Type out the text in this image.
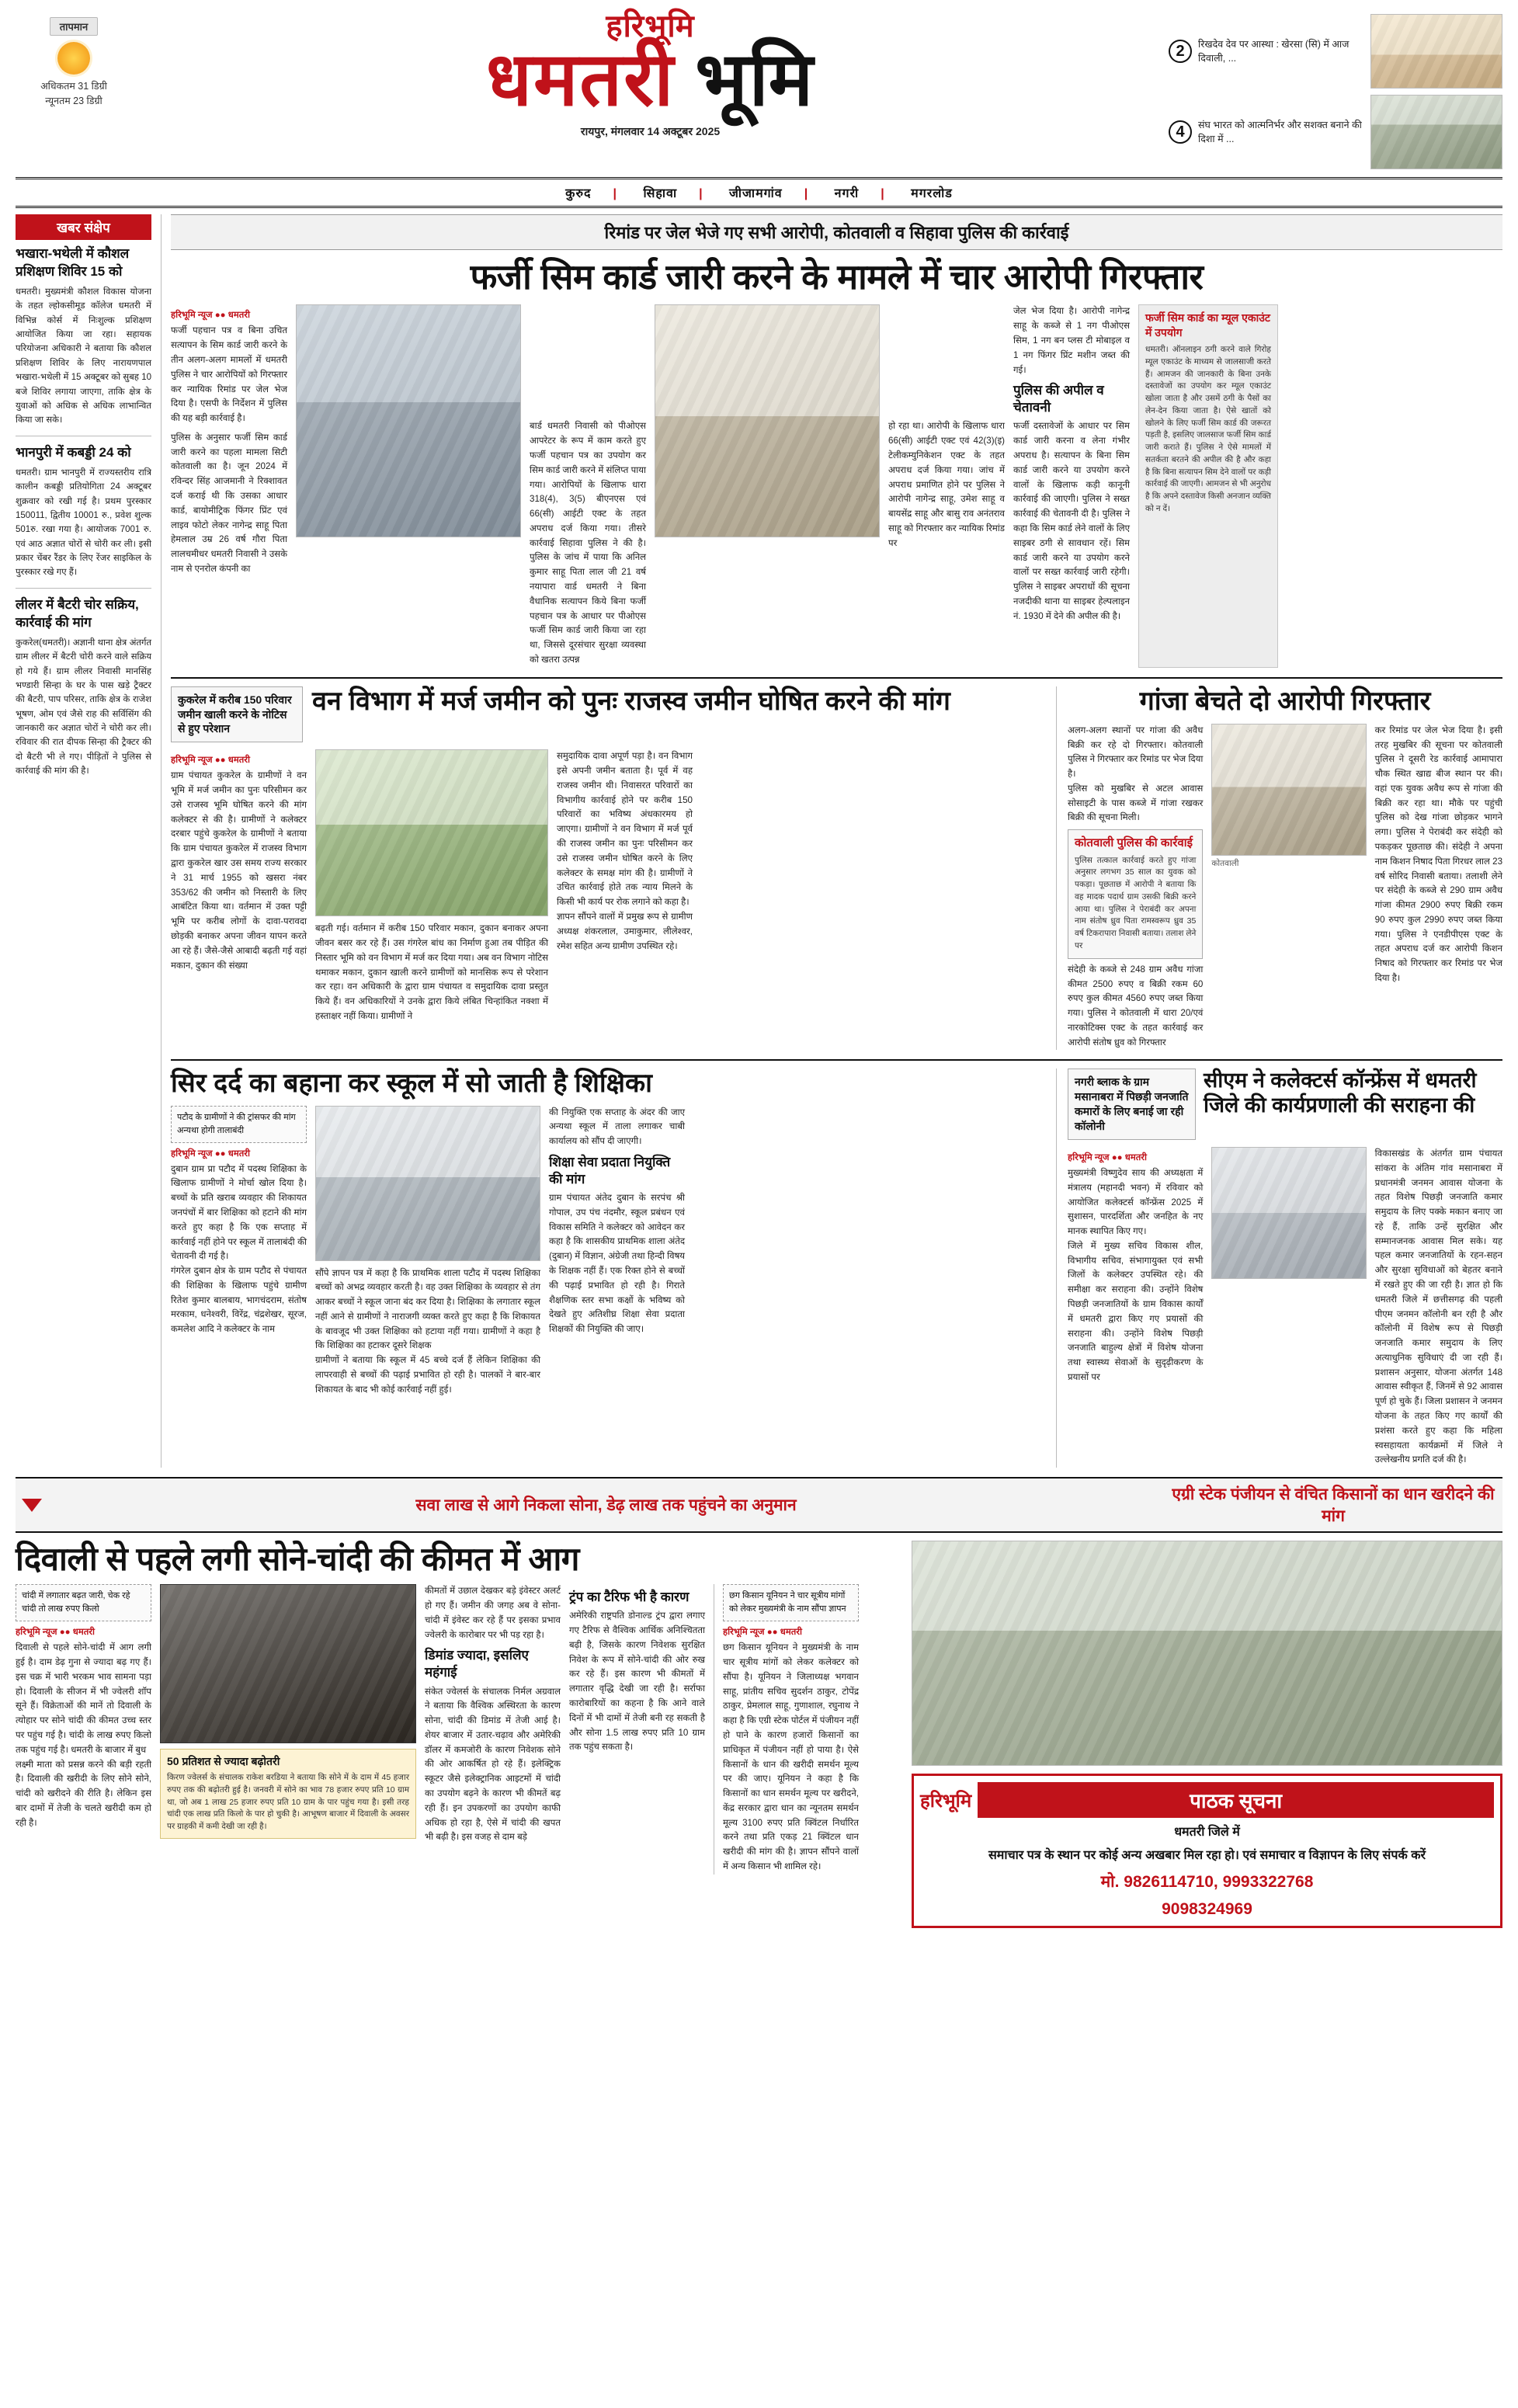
तापमान
अधिकतम 31 डिग्री
न्यूनतम 23 डिग्री
हरिभूमि
धमतरी भूमि
रायपुर, मंगलवार 14 अक्टूबर 2025
2	रिखदेव देव पर आस्था : खेरसा (सि) में आज दिवाली, ...
4	संघ भारत को आत्मनिर्भर और सशक्त बनाने की दिशा में ...
कुरुद | सिहावा | जीजामगांव | नगरी | मगरलोड
खबर संक्षेप
भखारा-भथेली में कौशल प्रशिक्षण शिविर 15 को
धमतरी। मुख्यमंत्री कौशल विकास योजना के तहत ल्होकसीमूड कॉलेज धमतरी में विभिन्न कोर्स में निःशुल्क प्रशिक्षण आयोजित किया जा रहा। सहायक परियोजना अधिकारी ने बताया कि कौशल प्रशिक्षण शिविर के लिए नारायणपाल भखारा-भथेली में 15 अक्टूबर को सुबह 10 बजे शिविर लगाया जाएगा, ताकि क्षेत्र के युवाओं को अधिक से अधिक लाभान्वित किया जा सके।
भानपुरी में कबड्डी 24 को
धमतरी। ग्राम भानपुरी में राज्यस्तरीय रात्रि कालीन कबड्डी प्रतियोगिता 24 अक्टूबर शुक्रवार को रखी गई है। प्रथम पुरस्कार 150011, द्वितीय 10001 रु., प्रवेश शुल्क 501रु. रखा गया है। आयोजक 7001 रु. एवं आठ अज्ञात चोरों से चोरी कर ली। इसी प्रकार चेंबर रैंडर के लिए रेंजर साइकिल के पुरस्कार रखे गए हैं।
लीलर में बैटरी चोर सक्रिय, कार्रवाई की मांग
कुकरेल(धमतरी)। अज्ञानी थाना क्षेत्र अंतर्गत ग्राम लीलर में बैटरी चोरी करने वाले सक्रिय हो गये हैं। ग्राम लीलर निवासी मानसिंह भण्डारी सिन्हा के घर के पास खड़े ट्रैक्टर की बैटरी, पाप परिसर, ताकि क्षेत्र के राजेश भूषण, ओम एवं जैसे राह की सर्विसिंग की जानकारी कर अज्ञात चोरों ने चोरी कर ली। रविवार की रात दीपक सिन्हा की ट्रैक्टर की दो बैटरी भी ले गए। पीड़ितों ने पुलिस से कार्रवाई की मांग की है।
रिमांड पर जेल भेजे गए सभी आरोपी, कोतवाली व सिहावा पुलिस की कार्रवाई
फर्जी सिम कार्ड जारी करने के मामले में चार आरोपी गिरफ्तार
हरिभूमि न्यूज ●● धमतरी
फर्जी पहचान पत्र व बिना उचित सत्यापन के सिम कार्ड जारी करने के तीन अलग-अलग मामलों में धमतरी पुलिस ने चार आरोपियों को गिरफ्तार कर न्यायिक रिमांड पर जेल भेज दिया है। एसपी के निर्देशन में पुलिस की यह बड़ी कार्रवाई है।
पुलिस के अनुसार फर्जी सिम कार्ड जारी करने का पहला मामला सिटी कोतवाली का है। जून 2024 में रविन्दर सिंह आजमानी ने रिक्शावत दर्ज कराई थी कि उसका आधार कार्ड, बायोमीट्रिक फिंगर प्रिंट एवं लाइव फोटो लेकर नागेन्द्र साहू पिता हेमलाल उम्र 26 वर्ष गौरा पिता लालचमीधर धमतरी निवासी ने उसके नाम से एनरोल कंपनी का
बार्ड धमतरी निवासी को पीओएस आपरेटर के रूप में काम करते हुए फर्जी पहचान पत्र का उपयोग कर सिम कार्ड जारी करने में संलिप्त पाया गया। आरोपियों के खिलाफ धारा 318(4), 3(5) बीएनएस एवं 66(सी) आईटी एक्ट के तहत अपराध दर्ज किया गया। तीसरे कार्रवाई सिहावा पुलिस ने की है। पुलिस के जांच में पाया कि अनिल कुमार साहू पिता लाल जी 21 वर्ष नयापारा वार्ड धमतरी ने बिना वैधानिक सत्यापन किये बिना फर्जी पहचान पत्र के आधार पर पीओएस फर्जी सिम कार्ड जारी किया जा रहा था, जिससे दूरसंचार सुरक्षा व्यवस्था को खतरा उत्पन्न
हो रहा था। आरोपी के खिलाफ धारा 66(सी) आईटी एक्ट एवं 42(3)(इ) टेलीकम्युनिकेशन एक्ट के तहत अपराध दर्ज किया गया। जांच में अपराध प्रमाणित होने पर पुलिस ने आरोपी नागेन्द्र साहू, उमेश साहू व बायसेंद्र साहू और बासु राव अनंतराव साहू को गिरफ्तार कर न्यायिक रिमांड पर
जेल भेज दिया है। आरोपी नागेन्द्र साहू के कब्जे से 1 नग पीओएस सिम, 1 नग बन प्लस टी मोबाइल व 1 नग फिंगर प्रिंट मशीन जब्त की गई।
पुलिस की अपील व चेतावनी
फर्जी दस्तावेजों के आधार पर सिम कार्ड जारी करना व लेना गंभीर अपराध है। सत्यापन के बिना सिम कार्ड जारी करने या उपयोग करने वालों के खिलाफ कड़ी कानूनी कार्रवाई की जाएगी। पुलिस ने सख्त कार्रवाई की चेतावनी दी है। पुलिस ने कहा कि सिम कार्ड लेने वालों के लिए साइबर ठगी से सावधान रहें। सिम कार्ड जारी करने या उपयोग करने वालों पर सख्त कार्रवाई जारी रहेगी। पुलिस ने साइबर अपराधों की सूचना नजदीकी थाना या साइबर हेल्पलाइन नं. 1930 में देने की अपील की है।
फर्जी सिम कार्ड का म्यूल एकाउंट में उपयोग
धमतरी। ऑनलाइन ठगी करने वाले गिरोह म्यूल एकाउंट के माध्यम से जालसाजी करते हैं। आमजन की जानकारी के बिना उनके दस्तावेजों का उपयोग कर म्यूल एकाउंट खोला जाता है और उसमें ठगी के पैसों का लेन-देन किया जाता है। ऐसे खातों को खोलने के लिए फर्जी सिम कार्ड की जरूरत पड़ती है, इसलिए जालसाज फर्जी सिम कार्ड जारी कराते हैं। पुलिस ने ऐसे मामलों में सतर्कता बरतने की अपील की है और कहा है कि बिना सत्यापन सिम देने वालों पर कड़ी कार्रवाई की जाएगी। आमजन से भी अनुरोध है कि अपने दस्तावेज किसी अनजान व्यक्ति को न दें।
कुकरेल में करीब 150 परिवार जमीन खाली करने के नोटिस से हुए परेशान
वन विभाग में मर्ज जमीन को पुनः राजस्व जमीन घोषित करने की मांग
हरिभूमि न्यूज ●● धमतरी
ग्राम पंचायत कुकरेल के ग्रामीणों ने वन भूमि में मर्ज जमीन का पुनः परिसीमन कर उसे राजस्व भूमि घोषित करने की मांग कलेक्टर से की है। ग्रामीणों ने कलेक्टर दरबार पहुंचे कुकरेल के ग्रामीणों ने बताया कि ग्राम पंचायत कुकरेल में राजस्व विभाग द्वारा कुकरेल खार उस समय राज्य सरकार ने 31 मार्च 1955 को खसरा नंबर 353/62 की जमीन को निस्तारी के लिए आबंटित किया था। वर्तमान में उक्त पट्टी भूमि पर करीब लोगों के दावा-परावदा छोड़की बनाकर अपना जीवन यापन करते आ रहे हैं। जैसे-जैसे आबादी बढ़ती गई वहां मकान, दुकान की संख्या
बढ़ती गई। वर्तमान में करीब 150 परिवार मकान, दुकान बनाकर अपना जीवन बसर कर रहे हैं। उस गंगरेल बांध का निर्माण हुआ तब पीड़ित की निस्तार भूमि को वन विभाग में मर्ज कर दिया गया। अब वन विभाग नोटिस थमाकर मकान, दुकान खाली करने ग्रामीणों को मानसिक रूप से परेशान कर रहा। वन अधिकारी के द्वारा ग्राम पंचायत व समुदायिक दावा प्रस्तुत किये हैं। वन अधिकारियों ने उनके द्वारा किये लंबित चिन्हांकित नक्शा में हस्ताक्षर नहीं किया। ग्रामीणों ने
समुदायिक दावा अपूर्ण पड़ा है। वन विभाग इसे अपनी जमीन बताता है। पूर्व में वह राजस्व जमीन थी। निवासरत परिवारों का विभागीय कार्रवाई होने पर करीब 150 परिवारों का भविष्य अंधकारमय हो जाएगा। ग्रामीणों ने वन विभाग में मर्ज पूर्व की राजस्व जमीन का पुनः परिसीमन कर उसे राजस्व जमीन घोषित करने के लिए कलेक्टर के समक्ष मांग की है। ग्रामीणों ने उचित कार्रवाई होते तक न्याय मिलने के किसी भी कार्य पर रोक लगाने को कहा है।
ज्ञापन सौंपने वालों में प्रमुख रूप से ग्रामीण अध्यक्ष शंकरलाल, उमाकुमार, लीलेश्वर, रमेश सहित अन्य ग्रामीण उपस्थित रहे।
गांजा बेचते दो आरोपी गिरफ्तार
अलग-अलग स्थानों पर गांजा की अवैध बिक्री कर रहे दो गिरफ्तार। कोतवाली पुलिस ने गिरफ्तार कर रिमांड पर भेज दिया है।
पुलिस को मुखबिर से अटल आवास सोसाइटी के पास कब्जे में गांजा रखकर बिक्री की सूचना मिली।
कोतवाली पुलिस की कार्रवाई
पुलिस तत्काल कार्रवाई करते हुए गांजा अनुसार लगभग 35 साल का युवक को पकड़ा। पूछताछ में आरोपी ने बताया कि वह मादक पदार्थ ग्राम उसकी बिक्री करने आया था। पुलिस ने पेराबंदी कर अपना नाम संतोष ध्रुव पिता रामस्वरूप ध्रुव 35 वर्ष टिकरापारा निवासी बताया। तलाश लेने पर
संदेही के कब्जे से 248 ग्राम अवैध गांजा कीमत 2500 रुपए व बिक्री रकम 60 रुपए कुल कीमत 4560 रुपए जब्त किया गया। पुलिस ने कोतवाली में धारा 20/एवं नारकोटिक्स एक्ट के तहत कार्रवाई कर आरोपी संतोष ध्रुव को गिरफ्तार
कोतवाली
कर रिमांड पर जेल भेज दिया है। इसी तरह मुखबिर की सूचना पर कोतवाली पुलिस ने दूसरी रेड कार्रवाई आमापारा चौक स्थित खाद्य बीज स्थान पर की। वहां एक युवक अवैध रूप से गांजा की बिक्री कर रहा था। मौके पर पहुंची पुलिस को देख गांजा छोड़कर भागने लगा। पुलिस ने पेराबंदी कर संदेही को पकड़कर पूछताछ की। संदेही ने अपना नाम किशन निषाद पिता गिरधर लाल 23 वर्ष सोरिद निवासी बताया। तलाशी लेने पर संदेही के कब्जे से 290 ग्राम अवैध गांजा कीमत 2900 रुपए बिक्री रकम 90 रुपए कुल 2990 रुपए जब्त किया गया। पुलिस ने एनडीपीएस एक्ट के तहत अपराध दर्ज कर आरोपी किशन निषाद को गिरफ्तार कर रिमांड पर भेज दिया है।
सिर दर्द का बहाना कर स्कूल में सो जाती है शिक्षिका
पटौद के ग्रामीणों ने की ट्रांसफर की मांग अन्यथा होगी तालाबंदी
हरिभूमि न्यूज ●● धमतरी
दुबान ग्राम प्रा पटौद में पदस्थ शिक्षिका के खिलाफ ग्रामीणों ने मोर्चा खोल दिया है। बच्चों के प्रति खराब व्यवहार की शिकायत जनपंचों में बार शिक्षिका को हटाने की मांग करते हुए कहा है कि एक सप्ताह में कार्रवाई नहीं होने पर स्कूल में तालाबंदी की चेतावनी दी गई है।
गंगरेल दुबान क्षेत्र के ग्राम पटौद से पंचायत की शिक्षिका के खिलाफ पहुंचे ग्रामीण रितेश कुमार बालबाय, भागचंदराम, संतोष मरकाम, धनेश्वरी, विरेंद्र, चंद्रशेखर, सूरज, कमलेश आदि ने कलेक्टर के नाम
सौंपे ज्ञापन पत्र में कहा है कि प्राथमिक शाला पटौद में पदस्थ शिक्षिका बच्चों को अभद्र व्यवहार करती है। वह उक्त शिक्षिका के व्यवहार से तंग आकर बच्चों ने स्कूल जाना बंद कर दिया है। शिक्षिका के लगातार स्कूल नहीं आने से ग्रामीणों ने नाराजगी व्यक्त करते हुए कहा है कि शिकायत के बावजूद भी उक्त शिक्षिका को हटाया नहीं गया। ग्रामीणों ने कहा है कि शिक्षिका का हटाकर दूसरे शिक्षक
ग्रामीणों ने बताया कि स्कूल में 45 बच्चे दर्ज हैं लेकिन शिक्षिका की लापरवाही से बच्चों की पढ़ाई प्रभावित हो रही है। पालकों ने बार-बार शिकायत के बाद भी कोई कार्रवाई नहीं हुई।
की नियुक्ति एक सप्ताह के अंदर की जाए अन्यथा स्कूल में ताला लगाकर चाबी कार्यालय को सौंप दी जाएगी।
शिक्षा सेवा प्रदाता नियुक्ति की मांग
ग्राम पंचायत अंतेद दुबान के सरपंच श्री गोपाल, उप पंच नंदमौर, स्कूल प्रबंधन एवं विकास समिति ने कलेक्टर को आवेदन कर कहा है कि शासकीय प्राथमिक शाला अंतेद (दुबान) में विज्ञान, अंग्रेजी तथा हिन्दी विषय के शिक्षक नहीं हैं। एक रिक्त होने से बच्चों की पढ़ाई प्रभावित हो रही है। गिराते शैक्षणिक स्तर सभा कक्षों के भविष्य को देखते हुए अतिशीघ्र शिक्षा सेवा प्रदाता शिक्षकों की नियुक्ति की जाए।
नगरी ब्लाक के ग्राम मसानाबरा में पिछड़ी जनजाति कमारों के लिए बनाई जा रही कॉलोनी
सीएम ने कलेक्टर्स कॉन्फ्रेंस में धमतरी जिले की कार्यप्रणाली की सराहना की
हरिभूमि न्यूज ●● धमतरी
मुख्यमंत्री विष्णुदेव साय की अध्यक्षता में मंत्रालय (महानदी भवन) में रविवार को आयोजित कलेक्टर्स कॉन्फ्रेंस 2025 में सुशासन, पारदर्शिता और जनहित के नए मानक स्थापित किए गए।
जिले में मुख्य सचिव विकास शील, विभागीय सचिव, संभागायुक्त एवं सभी जिलों के कलेक्टर उपस्थित रहे। की समीक्षा कर सराहना की। उन्होंने विशेष पिछड़ी जनजातियों के ग्राम विकास कार्यों में धमतरी द्वारा किए गए प्रयासों की सराहना की। उन्होंने विशेष पिछड़ी जनजाति बाहुल्य क्षेत्रों में विशेष योजना तथा स्वास्थ्य सेवाओं के सुदृढ़ीकरण के प्रयासों पर
विकासखंड के अंतर्गत ग्राम पंचायत सांकरा के अंतिम गांव मसानाबरा में प्रधानमंत्री जनमन आवास योजना के तहत विशेष पिछड़ी जनजाति कमार समुदाय के लिए पक्के मकान बनाए जा रहे हैं, ताकि उन्हें सुरक्षित और सम्मानजनक आवास मिल सके। यह पहल कमार जनजातियों के रहन-सहन और सुरक्षा सुविधाओं को बेहतर बनाने में रखते हुए की जा रही है। ज्ञात हो कि धमतरी जिले में छत्तीसगढ़ की पहली पीएम जनमन कॉलोनी बन रही है और कॉलोनी में विशेष रूप से पिछड़ी जनजाति कमार समुदाय के लिए अत्याधुनिक सुविधाएं दी जा रही हैं। प्रशासन अनुसार, योजना अंतर्गत 148 आवास स्वीकृत हैं, जिनमें से 92 आवास पूर्ण हो चुके हैं। जिला प्रशासन ने जनमन योजना के तहत किए गए कार्यों की प्रशंसा करते हुए कहा कि महिला स्वसहायता कार्यक्रमों में जिले ने उल्लेखनीय प्रगति दर्ज की है।
सवा लाख से आगे निकला सोना, डेढ़ लाख तक पहुंचने का अनुमान
एग्री स्टेक पंजीयन से वंचित किसानों का धान खरीदने की मांग
दिवाली से पहले लगी सोने-चांदी की कीमत में आग
चांदी में लगातार बढ़त जारी, चेक रहे चांदी तो लाख रुपए किलो
हरिभूमि न्यूज ●● धमतरी
दिवाली से पहले सोने-चांदी में आग लगी हुई है। दाम डेढ़ गुना से ज्यादा बढ़ गए हैं। इस चक्र में भारी भरकम भाव सामना पड़ा हो। दिवाली के सीजन में भी ज्वेलरी शॉप सूने हैं। विक्रेताओं की मानें तो दिवाली के त्योहार पर सोने चांदी की कीमत उच्च स्तर पर पहुंच गई है। चांदी के लाख रुपए किलो तक पहुंच गई है। धमतरी के बाजार में बुध
लक्ष्मी माता को प्रसन्न करने की बड़ी रहती है। दिवाली की खरीदी के लिए सोने सोने, चांदी को खरीदने की रीति है। लेकिन इस बार दामों में तेजी के चलते खरीदी कम हो रही है।
50 प्रतिशत से ज्यादा बढ़ोतरी
किरण ज्वेलर्स के संचालक राकेश बरडिया ने बताया कि सोने में के दाम में 45 हजार रुपए तक की बढ़ोतरी हुई है। जनवरी में सोने का भाव 78 हजार रुपए प्रति 10 ग्राम था, जो अब 1 लाख 25 हजार रुपए प्रति 10 ग्राम के पार पहुंच गया है। इसी तरह चांदी एक लाख प्रति किलो के पार हो चुकी है। आभूषण बाजार में दिवाली के अवसर पर ग्राहकी में कमी देखी जा रही है।
कीमतों में उछाल देखकर बड़े इंवेस्टर अलर्ट हो गए हैं। जमीन की जगह अब वे सोना-चांदी में इंवेस्ट कर रहे हैं पर इसका प्रभाव ज्वेलरी के कारोबार पर भी पड़ रहा है।
डिमांड ज्यादा, इसलिए महंगाई
संकेत ज्वेलर्स के संचालक निर्मल अग्रवाल ने बताया कि वैश्विक अस्थिरता के कारण सोना, चांदी की डिमांड में तेजी आई है। शेयर बाजार में उतार-चढ़ाव और अमेरिकी डॉलर में कमजोरी के कारण निवेशक सोने की ओर आकर्षित हो रहे हैं। इलेक्ट्रिक स्कूटर जैसे इलेक्ट्रानिक आइटमों में चांदी का उपयोग बढ़ने के कारण भी कीमतें बढ़ रही हैं। इन उपकरणों का उपयोग काफी अधिक हो रहा है, ऐसे में चांदी की खपत भी बढ़ी है। इस वजह से दाम बड़े
ट्रंप का टैरिफ भी है कारण
अमेरिकी राष्ट्रपति डोनाल्ड ट्रंप द्वारा लगाए गए टैरिफ से वैश्विक आर्थिक अनिश्चितता बढ़ी है, जिसके कारण निवेशक सुरक्षित निवेश के रूप में सोने-चांदी की ओर रुख कर रहे हैं। इस कारण भी कीमतों में लगातार वृद्धि देखी जा रही है। सर्राफा कारोबारियों का कहना है कि आने वाले दिनों में भी दामों में तेजी बनी रह सकती है और सोना 1.5 लाख रुपए प्रति 10 ग्राम तक पहुंच सकता है।
छग किसान यूनियन ने चार सूत्रीय मांगों को लेकर मुख्यमंत्री के नाम सौंपा ज्ञापन
हरिभूमि न्यूज ●● धमतरी
छग किसान यूनियन ने मुख्यमंत्री के नाम चार सूत्रीय मांगों को लेकर कलेक्टर को सौंपा है। यूनियन ने जिलाध्यक्ष भगवान साहू, प्रांतीय सचिव सुदर्शन ठाकुर, टोपेंद्र ठाकुर, प्रेमलाल साहू, गुणाशाल, रघुनाथ ने कहा है कि एग्री स्टेक पोर्टल में पंजीयन नहीं हो पाने के कारण हजारों किसानों का प्राधिकृत में पंजीयन नहीं हो पाया है। ऐसे किसानों के धान की खरीदी समर्थन मूल्य पर की जाए। यूनियन ने कहा है कि किसानों का धान समर्थन मूल्य पर खरीदने, केंद्र सरकार द्वारा धान का न्यूनतम समर्थन मूल्य 3100 रुपए प्रति क्विंटल निर्धारित करने तथा प्रति एकड़ 21 क्विंटल धान खरीदी की मांग की है। ज्ञापन सौंपने वालों में अन्य किसान भी शामिल रहे।
हरिभूमि	पाठक सूचना
धमतरी जिले में
समाचार पत्र के स्थान पर कोई अन्य अखबार मिल रहा हो। एवं समाचार व विज्ञापन के लिए संपर्क करें
मो. 9826114710, 9993322768
9098324969
